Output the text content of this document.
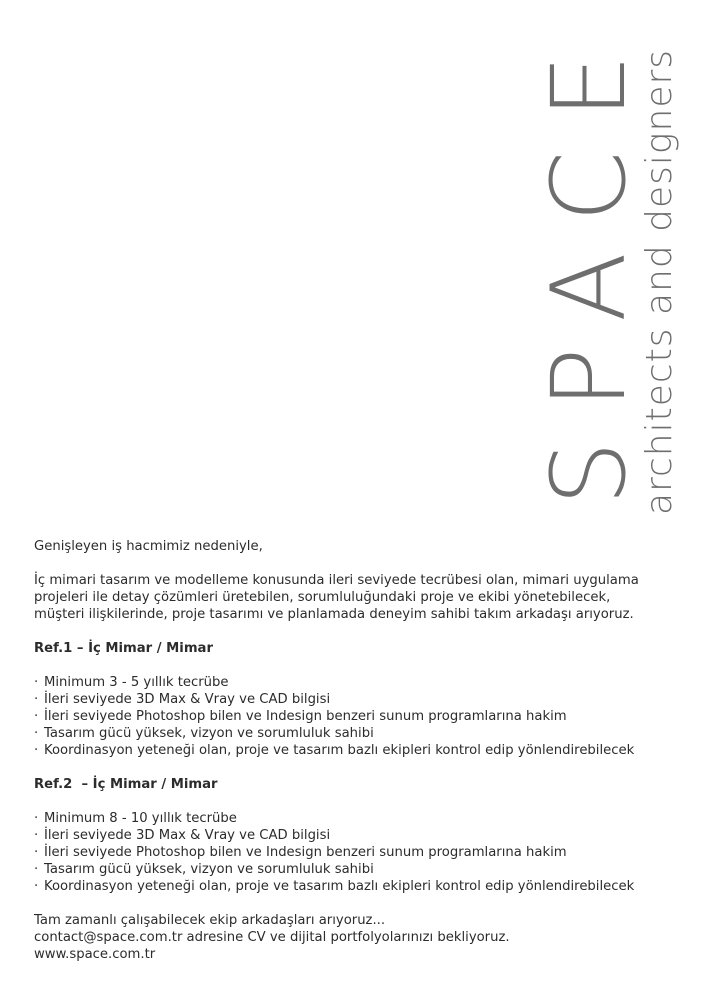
SPACE
architects and designers
Genişleyen iş hacmimiz nedeniyle,
İç mimari tasarım ve modelleme konusunda ileri seviyede tecrübesi olan, mimari uygulama
projeleri ile detay çözümleri üretebilen, sorumluluğundaki proje ve ekibi yönetebilecek,
müşteri ilişkilerinde, proje tasarımı ve planlamada deneyim sahibi takım arkadaşı arıyoruz.
Ref.1 – İç Mimar / Mimar
· Minimum 3 - 5 yıllık tecrübe
· İleri seviyede 3D Max & Vray ve CAD bilgisi
· İleri seviyede Photoshop bilen ve Indesign benzeri sunum programlarına hakim
· Tasarım gücü yüksek, vizyon ve sorumluluk sahibi
· Koordinasyon yeteneği olan, proje ve tasarım bazlı ekipleri kontrol edip yönlendirebilecek
Ref.2  – İç Mimar / Mimar
· Minimum 8 - 10 yıllık tecrübe
· İleri seviyede 3D Max & Vray ve CAD bilgisi
· İleri seviyede Photoshop bilen ve Indesign benzeri sunum programlarına hakim
· Tasarım gücü yüksek, vizyon ve sorumluluk sahibi
· Koordinasyon yeteneği olan, proje ve tasarım bazlı ekipleri kontrol edip yönlendirebilecek
Tam zamanlı çalışabilecek ekip arkadaşları arıyoruz...
contact@space.com.tr adresine CV ve dijital portfolyolarınızı bekliyoruz.
www.space.com.tr
